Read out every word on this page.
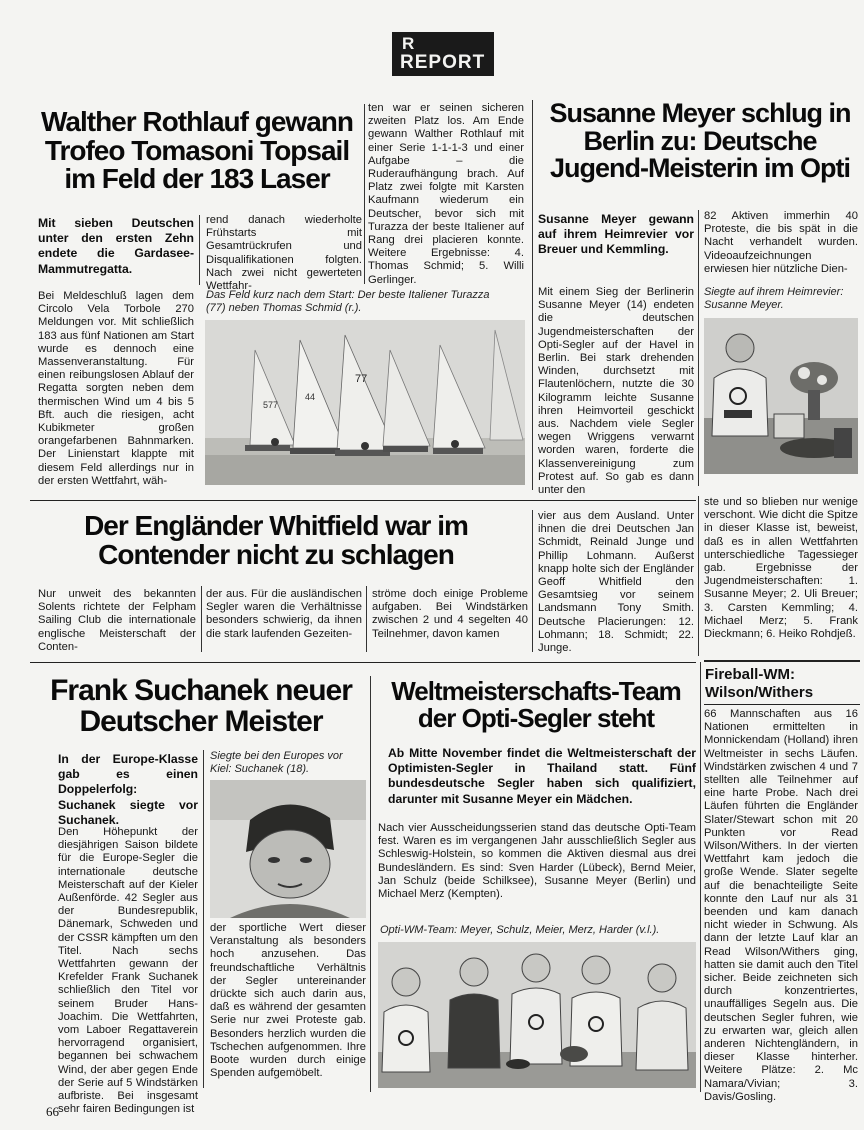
R
REPORT
Walther Rothlauf gewann Trofeo Tomasoni Topsail im Feld der 183 Laser
Mit sieben Deutschen unter den ersten Zehn endete die Gardasee-Mammutregatta.
Bei Meldeschluß lagen dem Circolo Vela Torbole 270 Meldungen vor. Mit schließlich 183 aus fünf Nationen am Start wurde es dennoch eine Massenveranstaltung. Für einen reibungslosen Ablauf der Regatta sorgten neben dem thermischen Wind um 4 bis 5 Bft. auch die riesigen, acht Kubikmeter großen orangefarbenen Bahnmarken. Der Linienstart klappte mit diesem Feld allerdings nur in der ersten Wettfahrt, wäh-
rend danach wiederholte Frühstarts mit Gesamtrückrufen und Disqualifikationen folgten. Nach zwei nicht gewerteten Wettfahr-
ten war er seinen sicheren zweiten Platz los. Am Ende gewann Walther Rothlauf mit einer Serie 1-1-1-3 und einer Aufgabe – die Ruderaufhängung brach. Auf Platz zwei folgte mit Karsten Kaufmann wiederum ein Deutscher, bevor sich mit Turazza der beste Italiener auf Rang drei placieren konnte. Weitere Ergebnisse: 4. Thomas Schmid; 5. Willi Gerlinger.
Das Feld kurz nach dem Start: Der beste Italiener Turazza (77) neben Thomas Schmid (r.).
577
44
77
Susanne Meyer schlug in Berlin zu: Deutsche Jugend-Meisterin im Opti
Susanne Meyer gewann auf ihrem Heimrevier vor Breuer und Kemmling.
Mit einem Sieg der Berlinerin Susanne Meyer (14) endeten die deutschen Jugendmeisterschaften der Opti-Segler auf der Havel in Berlin. Bei stark drehenden Winden, durchsetzt mit Flautenlöchern, nutzte die 30 Kilogramm leichte Susanne ihren Heimvorteil geschickt aus. Nachdem viele Segler wegen Wriggens verwarnt worden waren, forderte die Klassenvereinigung zum Protest auf. So gab es dann unter den
82 Aktiven immerhin 40 Proteste, die bis spät in die Nacht verhandelt wurden. Videoaufzeichnungen erwiesen hier nützliche Dien-
Siegte auf ihrem Heimrevier: Susanne Meyer.
Der Engländer Whitfield war im Contender nicht zu schlagen
Nur unweit des bekannten Solents richtete der Felpham Sailing Club die internationale englische Meisterschaft der Conten-
der aus. Für die ausländischen Segler waren die Verhältnisse besonders schwierig, da ihnen die stark laufenden Gezeiten-
ströme doch einige Probleme aufgaben. Bei Windstärken zwischen 2 und 4 segelten 40 Teilnehmer, davon kamen
vier aus dem Ausland. Unter ihnen die drei Deutschen Jan Schmidt, Reinald Junge und Phillip Lohmann. Außerst knapp holte sich der Engländer Geoff Whitfield den Gesamtsieg vor seinem Landsmann Tony Smith. Deutsche Placierungen: 12. Lohmann; 18. Schmidt; 22. Junge.
ste und so blieben nur wenige verschont. Wie dicht die Spitze in dieser Klasse ist, beweist, daß es in allen Wettfahrten unterschiedliche Tagessieger gab. Ergebnisse der Jugendmeisterschaften: 1. Susanne Meyer; 2. Uli Breuer; 3. Carsten Kemmling; 4. Michael Merz; 5. Frank Dieckmann; 6. Heiko Rohdjeß.
Frank Suchanek neuer Deutscher Meister
In der Europe-Klasse gab es einen Doppelerfolg: Suchanek siegte vor Suchanek.
Den Höhepunkt der diesjährigen Saison bildete für die Europe-Segler die internationale deutsche Meisterschaft auf der Kieler Außenförde. 42 Segler aus der Bundesrepublik, Dänemark, Schweden und der CSSR kämpften um den Titel. Nach sechs Wettfahrten gewann der Krefelder Frank Suchanek schließlich den Titel vor seinem Bruder Hans-Joachim. Die Wettfahrten, vom Laboer Regattaverein hervorragend organisiert, begannen bei schwachem Wind, der aber gegen Ende der Serie auf 5 Windstärken aufbriste. Bei insgesamt sehr fairen Bedingungen ist
Siegte bei den Europes vor Kiel: Suchanek (18).
der sportliche Wert dieser Veranstaltung als besonders hoch anzusehen. Das freundschaftliche Verhältnis der Segler untereinander drückte sich auch darin aus, daß es während der gesamten Serie nur zwei Proteste gab. Besonders herzlich wurden die Tschechen aufgenommen. Ihre Boote wurden durch einige Spenden aufgemöbelt.
Weltmeisterschafts-Team der Opti-Segler steht
Ab Mitte November findet die Weltmeisterschaft der Optimisten-Segler in Thailand statt. Fünf bundesdeutsche Segler haben sich qualifiziert, darunter mit Susanne Meyer ein Mädchen.
Nach vier Ausscheidungsserien stand das deutsche Opti-Team fest. Waren es im vergangenen Jahr ausschließlich Segler aus Schleswig-Holstein, so kommen die Aktiven diesmal aus drei Bundesländern. Es sind: Sven Harder (Lübeck), Bernd Meier, Jan Schulz (beide Schilksee), Susanne Meyer (Berlin) und Michael Merz (Kempten).
Opti-WM-Team: Meyer, Schulz, Meier, Merz, Harder (v.l.).
Fireball-WM: Wilson/Withers
66 Mannschaften aus 16 Nationen ermittelten in Monnickendam (Holland) ihren Weltmeister in sechs Läufen. Windstärken zwischen 4 und 7 stellten alle Teilnehmer auf eine harte Probe. Nach drei Läufen führten die Engländer Slater/Stewart schon mit 20 Punkten vor Read Wilson/Withers. In der vierten Wettfahrt kam jedoch die große Wende. Slater segelte auf die benachteiligte Seite konnte den Lauf nur als 31 beenden und kam danach nicht wieder in Schwung. Als dann der letzte Lauf klar an Read Wilson/Withers ging, hatten sie damit auch den Titel sicher. Beide zeichneten sich durch konzentriertes, unauffälliges Segeln aus. Die deutschen Segler fuhren, wie zu erwarten war, gleich allen anderen Nichtengländern, in dieser Klasse hinterher. Weitere Plätze: 2. Mc Namara/Vivian; 3. Davis/Gosling.
66
